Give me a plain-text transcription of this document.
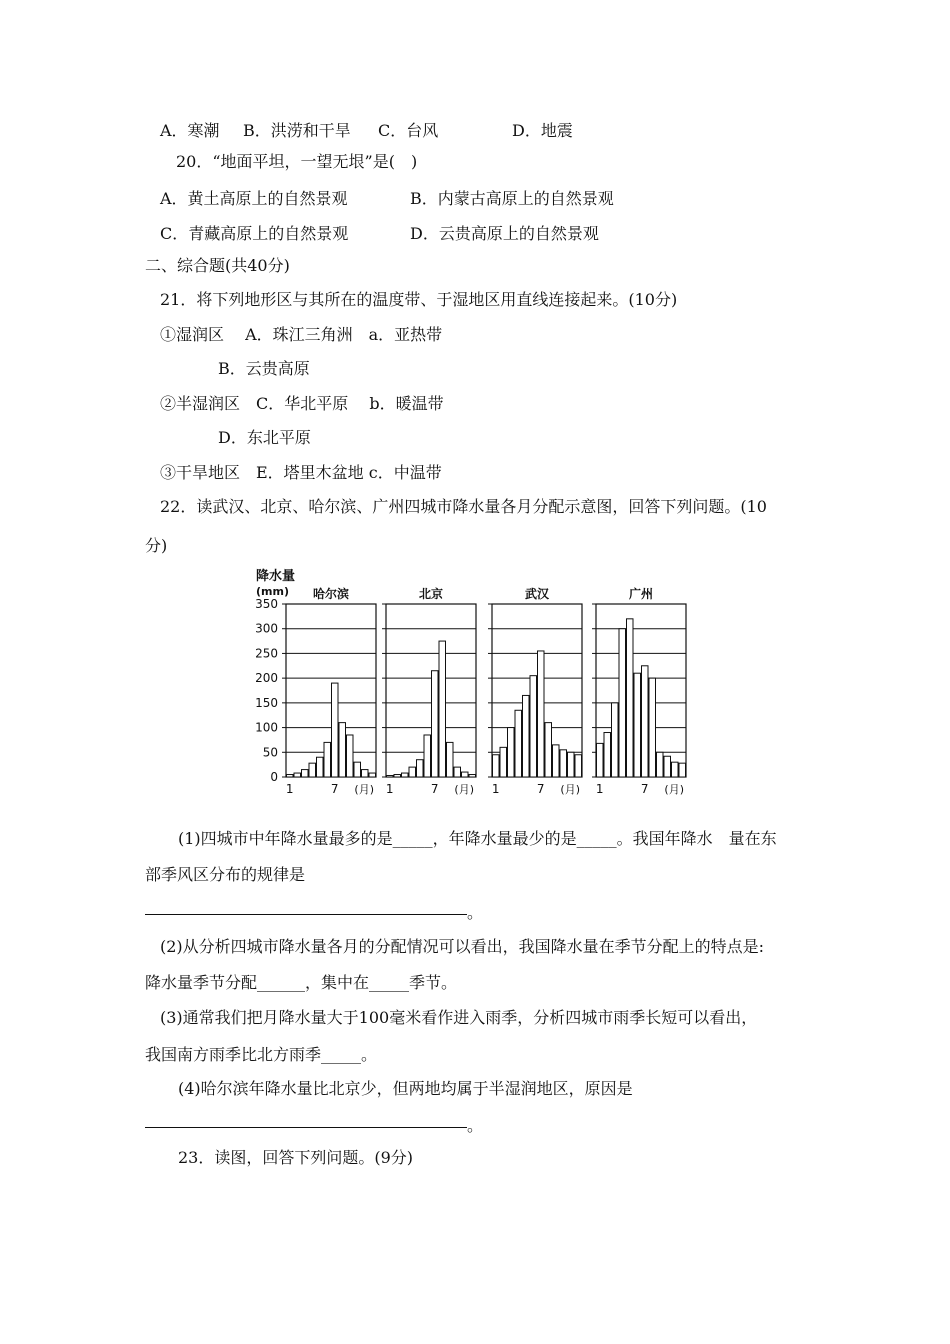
A．寒潮 B．洪涝和干旱 C．台风	D．地震
20．“地面平坦，一望无垠”是(　)
A．黄土高原上的自然景观	B．内蒙古高原上的自然景观
C．青藏高原上的自然景观	D．云贵高原上的自然景观
二、综合题(共40分)
21．将下列地形区与其所在的温度带、于湿地区用直线连接起来。(10分)
①湿润区　 A．珠江三角洲　a．亚热带
B．云贵高原
②半湿润区　C．华北平原　 b．暖温带
D．东北平原
③干旱地区　E．塔里木盆地 c．中温带
22．读武汉、北京、哈尔滨、广州四城市降水量各月分配示意图，回答下列问题。(10
分)
降水量
(mm)
350
300
250
200
150
100
50
0
哈尔滨
1	7 (月)
北京
1	7 (月)
武汉
1	7 (月)
广州
1	7 (月)
(1)四城市中年降水量最多的是_____，年降水量最少的是_____。我国年降水　量在东
部季风区分布的规律是
。
(2)从分析四城市降水量各月的分配情况可以看出，我国降水量在季节分配上的特点是:
降水量季节分配______，集中在_____季节。
(3)通常我们把月降水量大于100毫米看作进入雨季，分析四城市雨季长短可以看出，
我国南方雨季比北方雨季_____。
(4)哈尔滨年降水量比北京少，但两地均属于半湿润地区，原因是
。
23．读图，回答下列问题。(9分)
